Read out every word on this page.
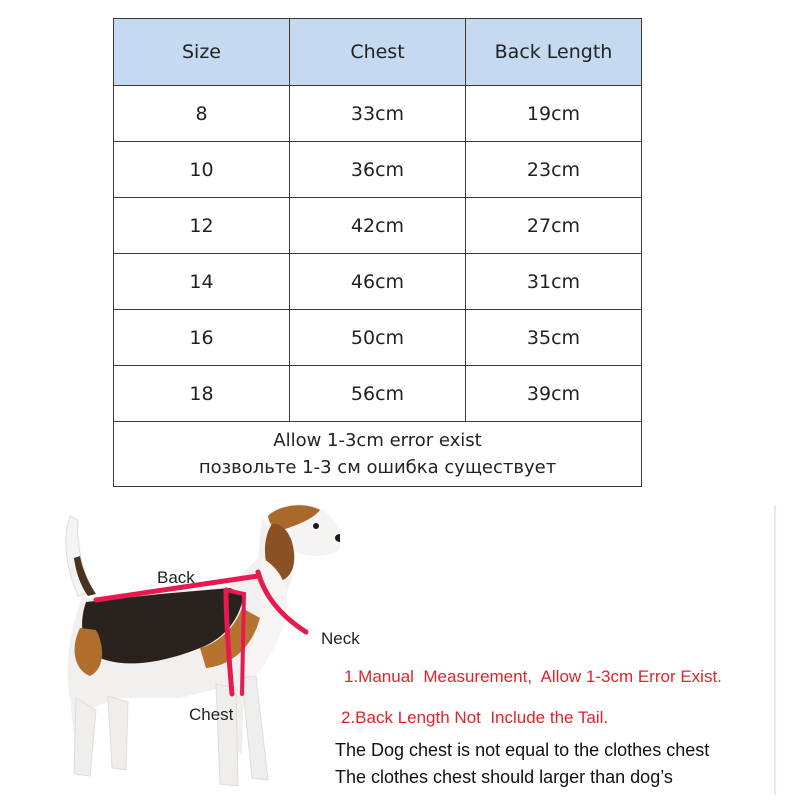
Size	Chest	Back Length
8	33cm	19cm
10	36cm	23cm
12	42cm	27cm
14	46cm	31cm
16	50cm	35cm
18	56cm	39cm

Allow 1-3cm error exist
позвольте 1-3 см ошибка существует		
Back
Neck
Chest
1.Manual  Measurement,  Allow 1-3cm Error Exist.
2.Back Length Not  Include the Tail.
The Dog chest is not equal to the clothes chest
The clothes chest should larger than dog’s
